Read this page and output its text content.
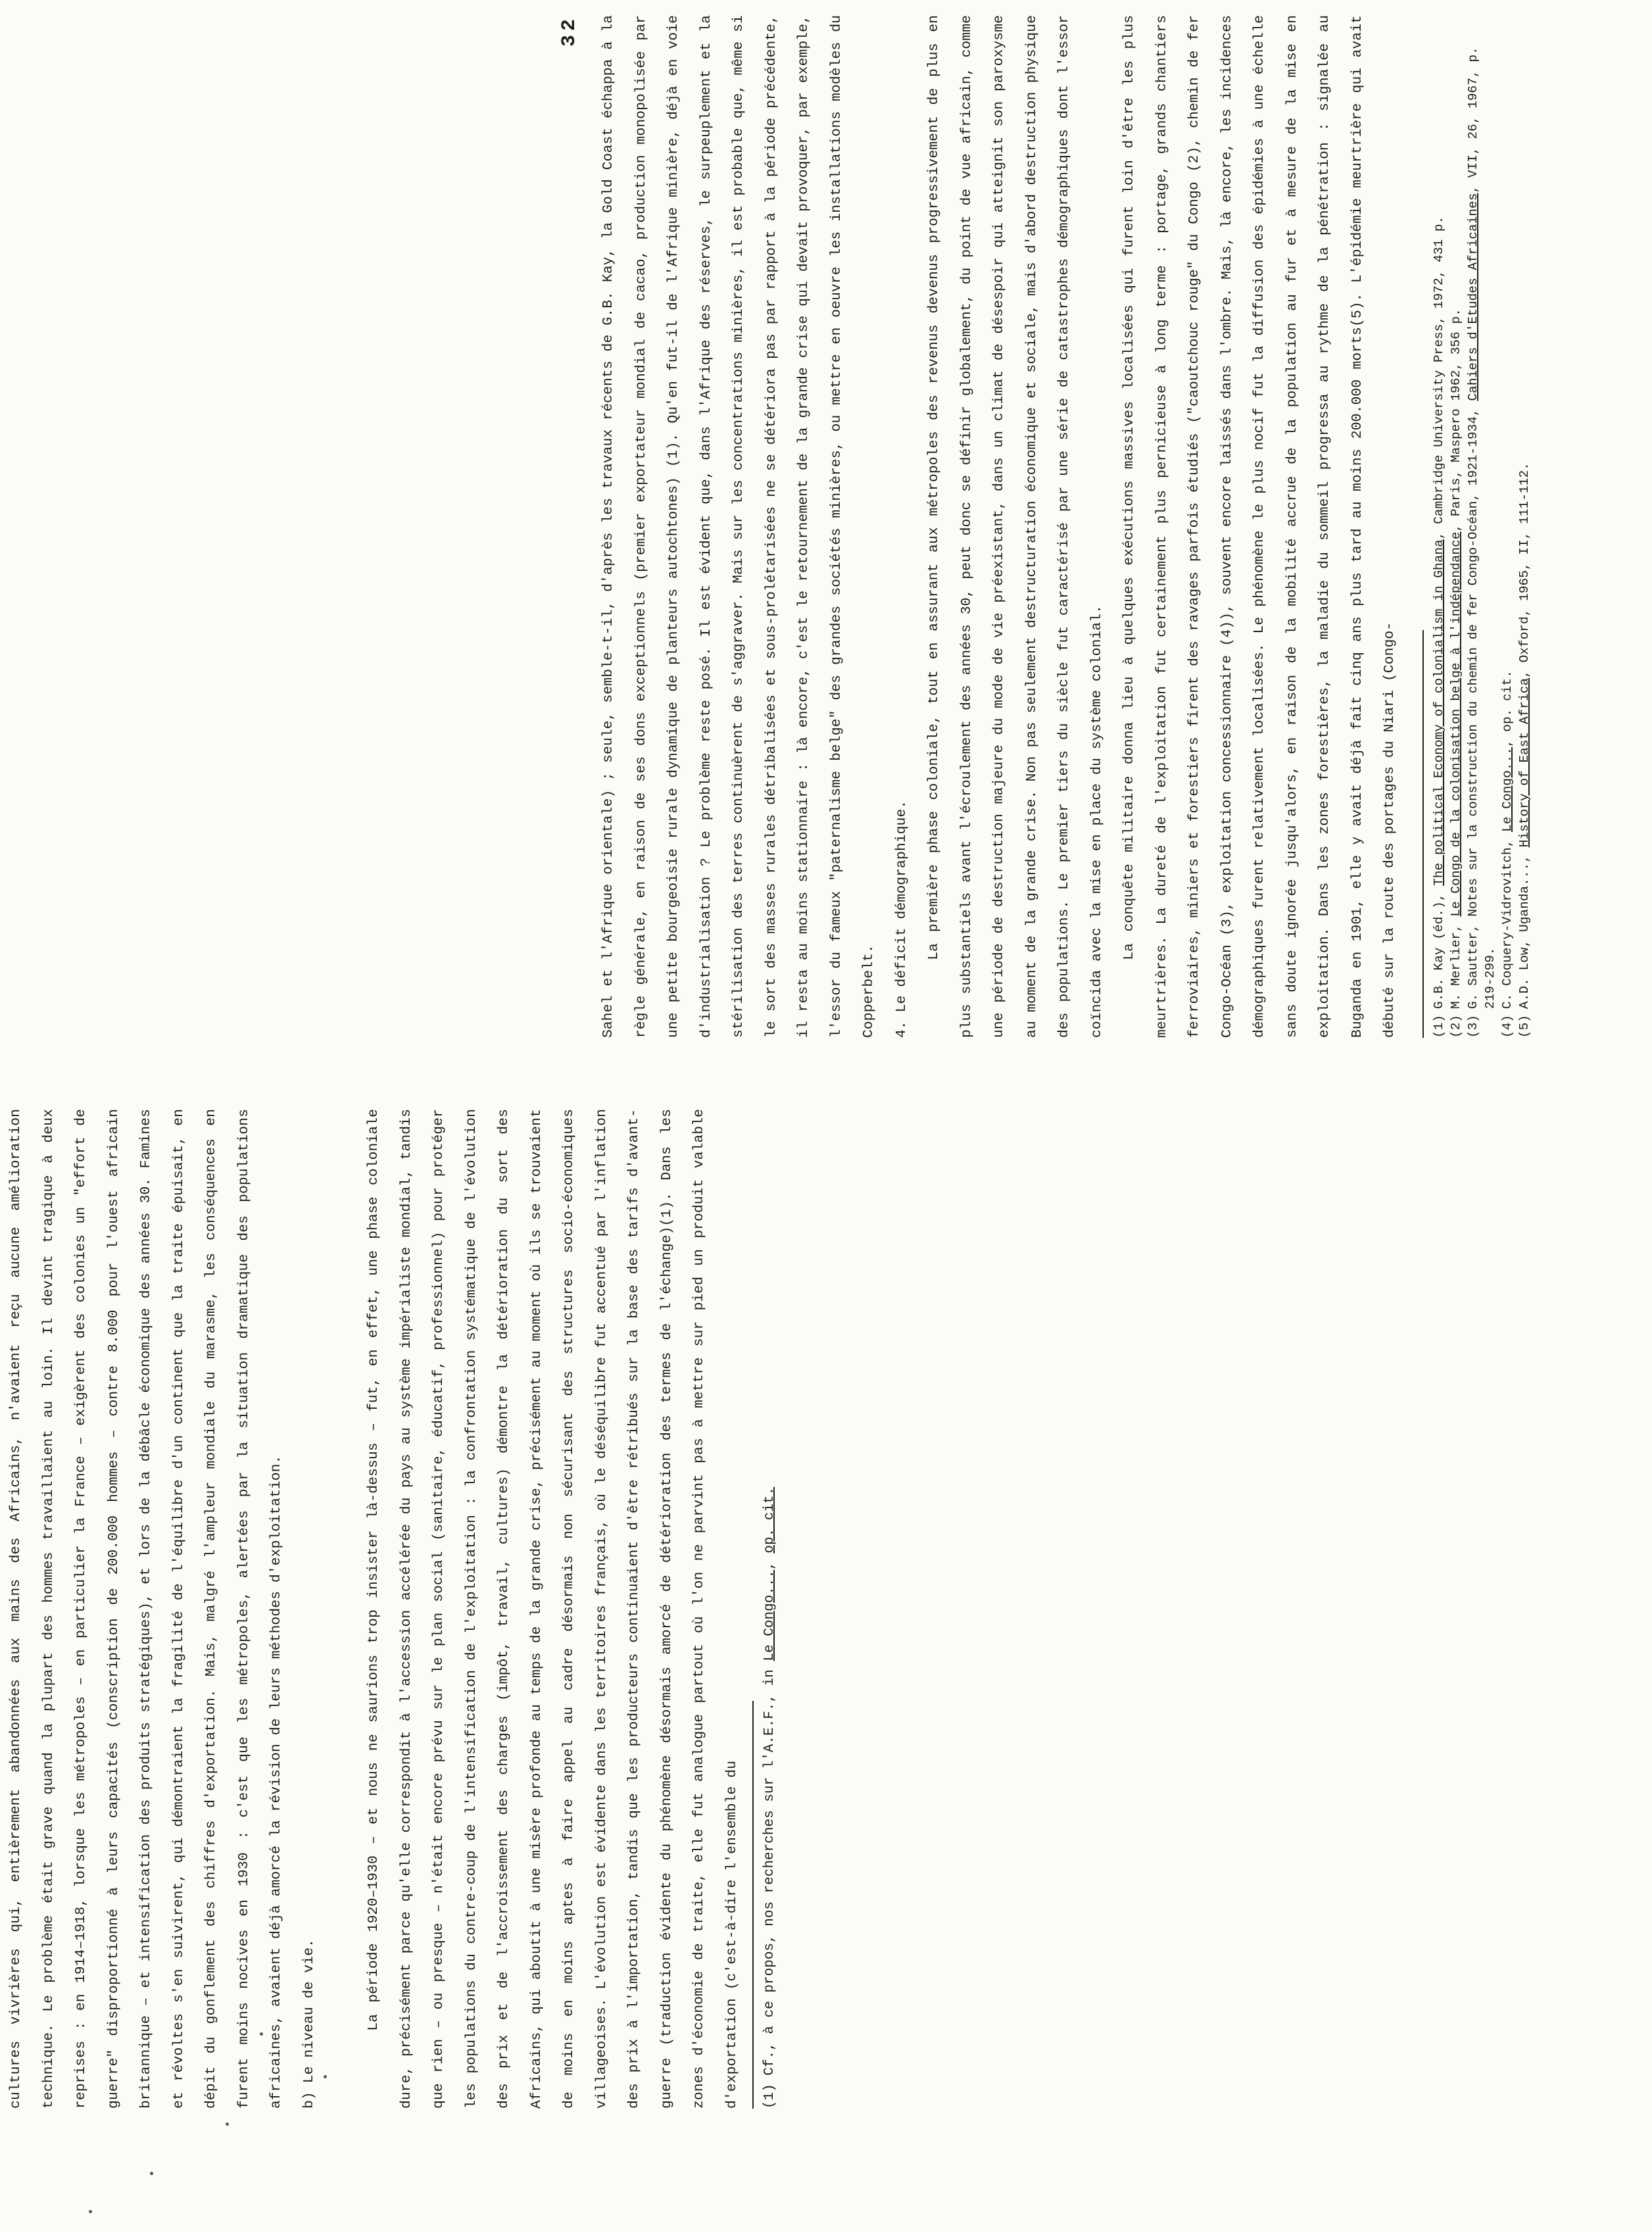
cultures vivrières qui, entièrement abandonnées aux mains des Africains, n'avaient reçu aucune amélioration technique. Le problème était grave quand la plupart des hommes travaillaient au loin. Il devint tragique à deux reprises : en 1914–1918, lorsque les métropoles – en particulier la France – exigèrent des colonies un "effort de guerre" disproportionné à leurs capacités (conscription de 200.000 hommes – contre 8.000 pour l'ouest africain britannique – et intensification des produits stratégiques), et lors de la débâcle économique des années 30. Famines et révoltes s'en suivirent, qui démontraient la fragilité de l'équilibre d'un continent que la traite épuisait, en dépit du gonflement des chiffres d'exportation. Mais, malgré l'ampleur mondiale du marasme, les conséquences en furent moins nocives en 1930 : c'est que les métropoles, alertées par la situation dramatique des populations africaines, avaient déjà amorcé la révision de leurs méthodes d'exploitation.

b) Le niveau de vie.	La période 1920–1930 – et nous ne saurions trop insister là-dessus – fut, en effet, une phase coloniale dure, précisément parce qu'elle correspondit à l'accession accélérée du pays au système impérialiste mondial, tandis que rien – ou presque – n'était encore prévu sur le plan social (sanitaire, éducatif, professionnel) pour protéger les populations du contre-coup de l'intensification de l'exploitation : la confrontation systématique de l'évolution des prix et de l'accroissement des charges (impôt, travail, cultures) démontre la détérioration du sort des Africains, qui aboutit à une misère profonde au temps de la grande crise, précisément au moment où ils se trouvaient de moins en moins aptes à faire appel au cadre désormais non sécurisant des structures socio-économiques villageoises. L'évolution est évidente dans les territoires français, où le déséquilibre fut accentué par l'inflation des prix à l'importation, tandis que les producteurs continuaient d'être rétribués sur la base des tarifs d'avant-guerre (traduction évidente du phénomène désormais amorcé de détérioration des termes de l'échange)(1). Dans les zones d'économie de traite, elle fut analogue partout où l'on ne parvint pas à mettre sur pied un produit valable d'exportation (c'est-à-dire l'ensemble du	(1) Cf., à ce propos, nos recherches sur l'A.E.F., in Le Congo..., op. cit.
32	Sahel et l'Afrique orientale) ; seule, semble-t-il, d'après les travaux récents de G.B. Kay, la Gold Coast échappa à la règle générale, en raison de ses dons exceptionnels (premier exportateur mondial de cacao, production monopolisée par une petite bourgeoisie rurale dynamique de planteurs autochtones) (1). Qu'en fut-il de l'Afrique minière, déjà en voie d'industrialisation ? Le problème reste posé. Il est évident que, dans l'Afrique des réserves, le surpeuplement et la stérilisation des terres continuèrent de s'aggraver. Mais sur les concentrations minières, il est probable que, même si le sort des masses rurales détribalisées et sous-prolétarisées ne se détériora pas par rapport à la période précédente, il resta au moins stationnaire : là encore, c'est le retournement de la grande crise qui devait provoquer, par exemple, l'essor du fameux "paternalisme belge" des grandes sociétés minières, ou mettre en oeuvre les installations modèles du Copperbelt.	4. Le déficit démographique.	La première phase coloniale, tout en assurant aux métropoles des revenus devenus progressivement de plus en plus substantiels avant l'écroulement des années 30, peut donc se définir globalement, du point de vue africain, comme une période de destruction majeure du mode de vie préexistant, dans un climat de désespoir qui atteignit son paroxysme au moment de la grande crise. Non pas seulement destructuration économique et sociale, mais d'abord destruction physique des populations. Le premier tiers du siècle fut caractérisé par une série de catastrophes démographiques dont l'essor coïncida avec la mise en place du système colonial.	La conquête militaire donna lieu à quelques exécutions massives localisées qui furent loin d'être les plus meurtrières. La dureté de l'exploitation fut certainement plus pernicieuse à long terme : portage, grands chantiers ferroviaires, miniers et forestiers firent des ravages parfois étudiés ("caoutchouc rouge" du Congo (2), chemin de fer Congo-Océan (3), exploitation concessionnaire (4)), souvent encore laissés dans l'ombre. Mais, là encore, les incidences démographiques furent relativement localisées. Le phénomène le plus nocif fut la diffusion des épidémies à une échelle sans doute ignorée jusqu'alors, en raison de la mobilité accrue de la population au fur et à mesure de la mise en exploitation. Dans les zones forestières, la maladie du sommeil progressa au rythme de la pénétration : signalée au Buganda en 1901, elle y avait déjà fait cinq ans plus tard au moins 200.000 morts(5). L'épidémie meurtrière qui avait débuté sur la route des portages du Niari (Congo-	(1)
G.B. Kay (éd.), The political Economy of colonialism in Ghana, Cambridge University Press, 1972, 431 p.
(2)
M. Merlier, Le Congo de la colonisation belge à l'indépendance, Paris, Maspero 1962, 356 p.
(3)
G. Sautter, Notes sur la construction du chemin de fer Congo-Océan, 1921-1934, Cahiers d'Etudes Africaines, VII, 26, 1967, p. 219-299.
(4)
C. Coquery-Vidrovitch, Le Congo..., op. cit.
(5)
A.D. Low, Uganda..., History of East Africa, Oxford, 1965, II, 111-112.
